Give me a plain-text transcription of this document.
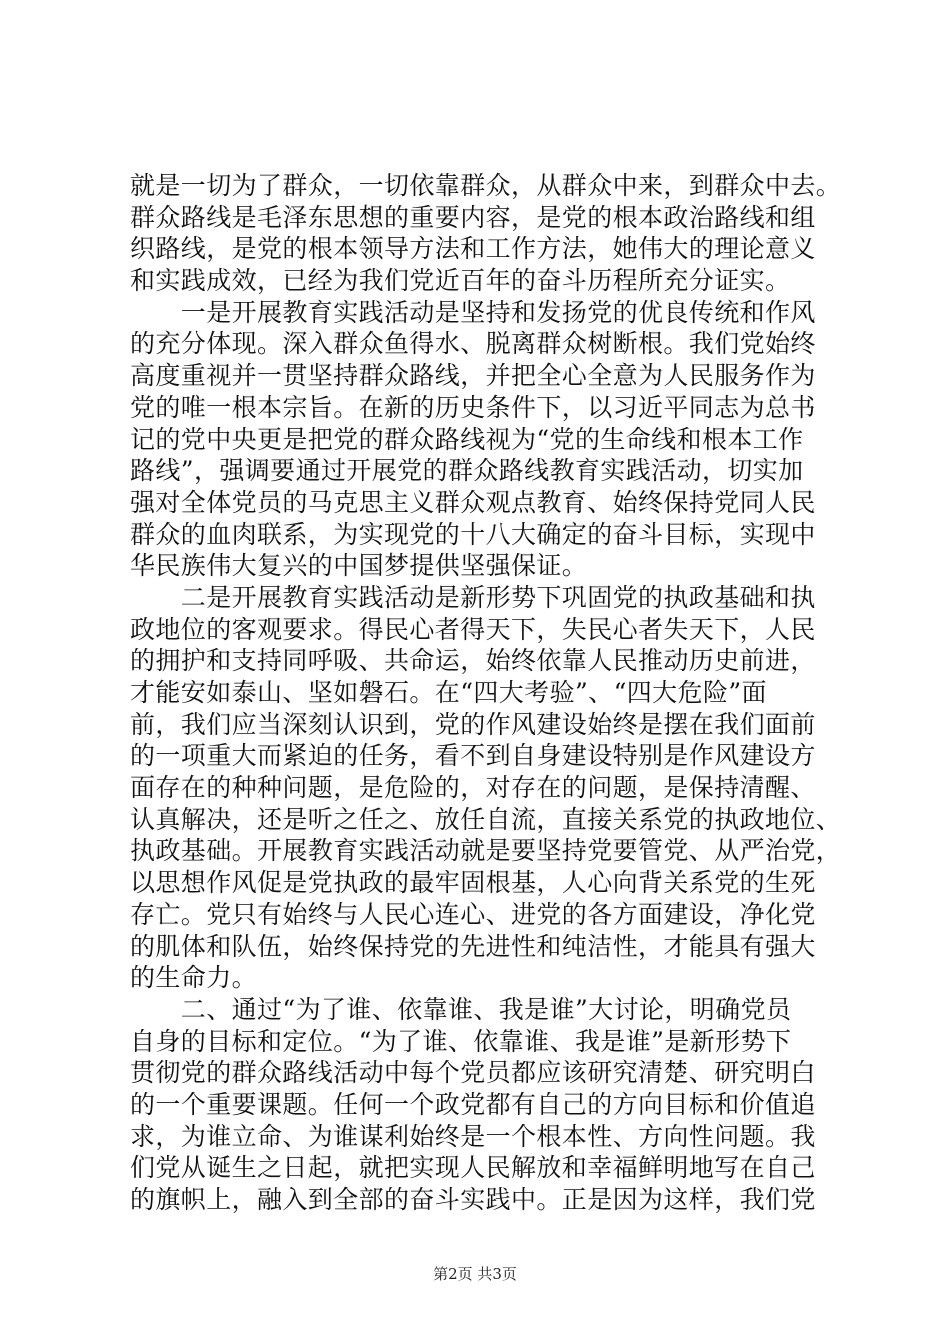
就是一切为了群众，一切依靠群众，从群众中来，到群众中去。
群众路线是毛泽东思想的重要内容，是党的根本政治路线和组
织路线，是党的根本领导方法和工作方法，她伟大的理论意义
和实践成效，已经为我们党近百年的奋斗历程所充分证实。
　　一是开展教育实践活动是坚持和发扬党的优良传统和作风
的充分体现。深入群众鱼得水、脱离群众树断根。我们党始终
高度重视并一贯坚持群众路线，并把全心全意为人民服务作为
党的唯一根本宗旨。在新的历史条件下，以习近平同志为总书
记的党中央更是把党的群众路线视为“党的生命线和根本工作
路线”，强调要通过开展党的群众路线教育实践活动，切实加
强对全体党员的马克思主义群众观点教育、始终保持党同人民
群众的血肉联系，为实现党的十八大确定的奋斗目标，实现中
华民族伟大复兴的中国梦提供坚强保证。
　　二是开展教育实践活动是新形势下巩固党的执政基础和执
政地位的客观要求。得民心者得天下，失民心者失天下，人民
的拥护和支持同呼吸、共命运，始终依靠人民推动历史前进，
才能安如泰山、坚如磐石。在“四大考验”、“四大危险”面
前，我们应当深刻认识到，党的作风建设始终是摆在我们面前
的一项重大而紧迫的任务，看不到自身建设特别是作风建设方
面存在的种种问题，是危险的，对存在的问题，是保持清醒、
认真解决，还是听之任之、放任自流，直接关系党的执政地位、
执政基础。开展教育实践活动就是要坚持党要管党、从严治党，
以思想作风促是党执政的最牢固根基，人心向背关系党的生死
存亡。党只有始终与人民心连心、进党的各方面建设，净化党
的肌体和队伍，始终保持党的先进性和纯洁性，才能具有强大
的生命力。
　　二、通过“为了谁、依靠谁、我是谁”大讨论，明确党员
自身的目标和定位。“为了谁、依靠谁、我是谁”是新形势下
贯彻党的群众路线活动中每个党员都应该研究清楚、研究明白
的一个重要课题。任何一个政党都有自己的方向目标和价值追
求，为谁立命、为谁谋利始终是一个根本性、方向性问题。我
们党从诞生之日起，就把实现人民解放和幸福鲜明地写在自己
的旗帜上，融入到全部的奋斗实践中。正是因为这样，我们党
第2页 共3页
